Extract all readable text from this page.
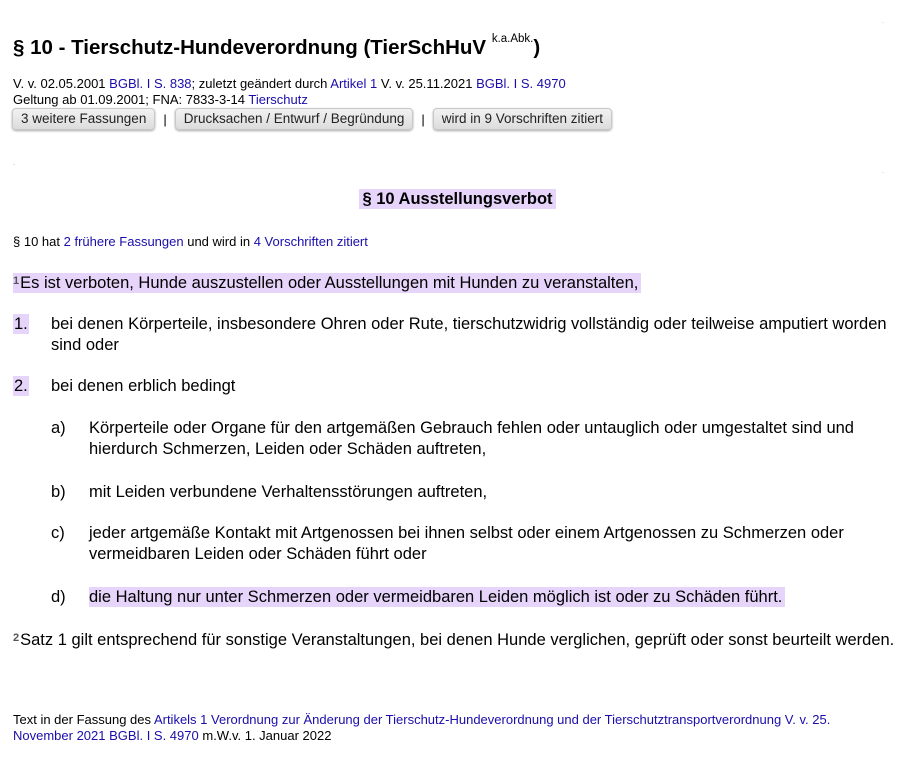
§ 10 - Tierschutz-Hundeverordnung (TierSchHuV $^{k.a.Abk.}$)
V. v. 02.05.2001 BGBl. I S. 838; zuletzt geändert durch Artikel 1 V. v. 25.11.2021 BGBl. I S. 4970
Geltung ab 01.09.2001; FNA: 7833-3-14 Tierschutz
3 weitere Fassungen	|	Drucksachen / Entwurf / Begründung	|	wird in 9 Vorschriften zitiert
§ 10 Ausstellungsverbot
§ 10 hat 2 frühere Fassungen und wird in 4 Vorschriften zitiert
$^1$Es ist verboten, Hunde auszustellen oder Ausstellungen mit Hunden zu veranstalten,
1. bei denen Körperteile, insbesondere Ohren oder Rute, tierschutzwidrig vollständig oder teilweise amputiert worden sind oder
2. bei denen erblich bedingt
a) Körperteile oder Organe für den artgemäßen Gebrauch fehlen oder untauglich oder umgestaltet sind und hierdurch Schmerzen, Leiden oder Schäden auftreten,
b) mit Leiden verbundene Verhaltensstörungen auftreten,
c) jeder artgemäße Kontakt mit Artgenossen bei ihnen selbst oder einem Artgenossen zu Schmerzen oder vermeidbaren Leiden oder Schäden führt oder
d) die Haltung nur unter Schmerzen oder vermeidbaren Leiden möglich ist oder zu Schäden führt.
$^2$Satz 1 gilt entsprechend für sonstige Veranstaltungen, bei denen Hunde verglichen, geprüft oder sonst beurteilt werden.
Text in der Fassung des Artikels 1 Verordnung zur Änderung der Tierschutz-Hundeverordnung und der Tierschutztransportverordnung V. v. 25. November 2021 BGBl. I S. 4970 m.W.v. 1. Januar 2022
